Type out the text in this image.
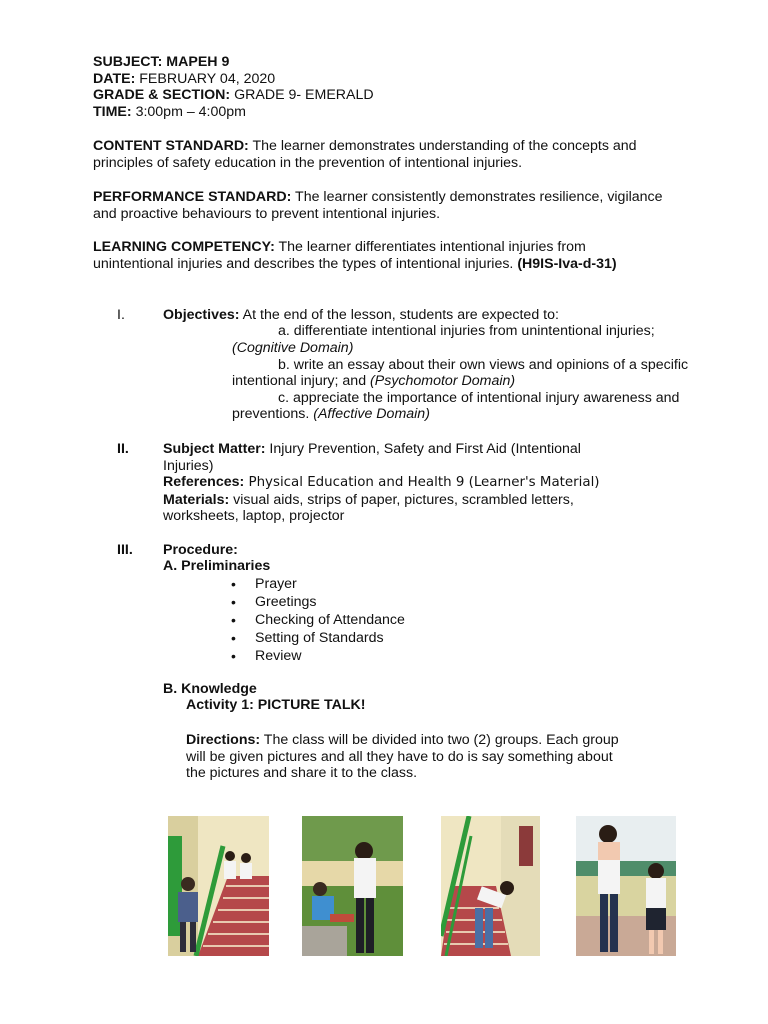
SUBJECT: MAPEH 9

DATE: FEBRUARY 04, 2020

GRADE & SECTION: GRADE 9- EMERALD

TIME: 3:00pm – 4:00pm

CONTENT STANDARD: The learner demonstrates understanding of the concepts and principles of safety education in the prevention of intentional injuries.
PERFORMANCE STANDARD: The learner consistently demonstrates resilience, vigilance and proactive behaviours to prevent intentional injuries.
LEARNING COMPETENCY: The learner differentiates intentional injuries from unintentional injuries and describes the types of intentional injuries. (H9IS-Iva-d-31)
I.	Objectives: At the end of the lesson, students are expected to:
a. differentiate intentional injuries from unintentional injuries;
(Cognitive Domain)
b. write an essay about their own views and opinions of a specific
intentional injury; and (Psychomotor Domain)
c. appreciate the importance of intentional injury awareness and
preventions. (Affective Domain)
II. Subject Matter: Injury Prevention, Safety and First Aid (Intentional

Injuries)

References: Physical Education and Health 9 (Learner's Material)

Materials: visual aids, strips of paper, pictures, scrambled letters,

worksheets, laptop, projector

III. Procedure:
A. Preliminaries
• Prayer
• Greetings
• Checking of Attendance
• Setting of Standards
• Review
B. Knowledge
Activity 1: PICTURE TALK!

Directions: The class will be divided into two (2) groups. Each group

will be given pictures and all they have to do is say something about

the pictures and share it to the class.
